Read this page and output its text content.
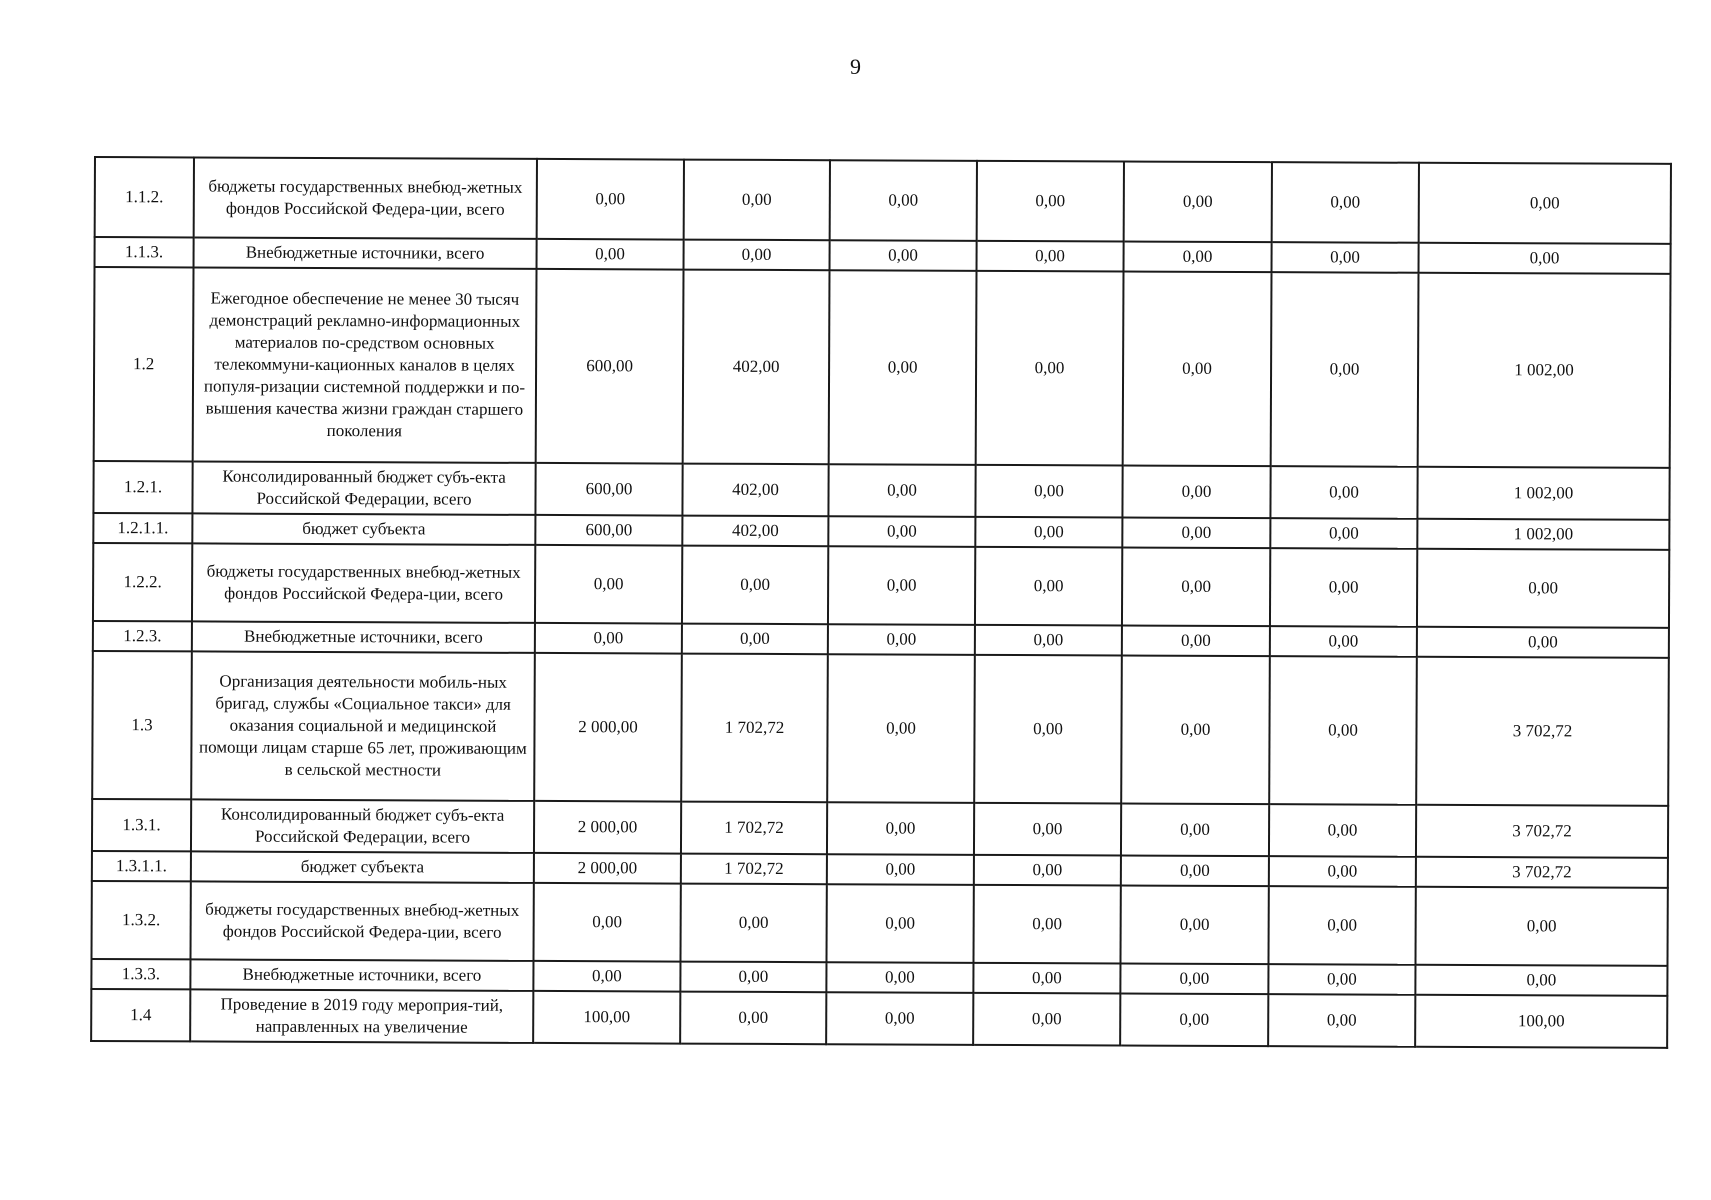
9
1.1.2.	бюджеты государственных внебюд-жетных фондов Российской Федера-ции, всего	0,00	0,00	0,00	0,00	0,00	0,00	0,00
1.1.3.	Внебюджетные источники, всего	0,00	0,00	0,00	0,00	0,00	0,00	0,00
1.2	Ежегодное обеспечение не менее 30 тысяч демонстраций рекламно-информационных материалов по-средством основных телекоммуни-кационных каналов в целях популя-ризации системной поддержки и по-вышения качества жизни граждан старшего поколения	600,00	402,00	0,00	0,00	0,00	0,00	1 002,00
1.2.1.	Консолидированный бюджет субъ-екта Российской Федерации, всего	600,00	402,00	0,00	0,00	0,00	0,00	1 002,00
1.2.1.1.	бюджет субъекта	600,00	402,00	0,00	0,00	0,00	0,00	1 002,00
1.2.2.	бюджеты государственных внебюд-жетных фондов Российской Федера-ции, всего	0,00	0,00	0,00	0,00	0,00	0,00	0,00
1.2.3.	Внебюджетные источники, всего	0,00	0,00	0,00	0,00	0,00	0,00	0,00
1.3	Организация деятельности мобиль-ных бригад, службы «Социальное такси» для оказания социальной и медицинской помощи лицам старше 65 лет, проживающим в сельской местности	2 000,00	1 702,72	0,00	0,00	0,00	0,00	3 702,72
1.3.1.	Консолидированный бюджет субъ-екта Российской Федерации, всего	2 000,00	1 702,72	0,00	0,00	0,00	0,00	3 702,72
1.3.1.1.	бюджет субъекта	2 000,00	1 702,72	0,00	0,00	0,00	0,00	3 702,72
1.3.2.	бюджеты государственных внебюд-жетных фондов Российской Федера-ции, всего	0,00	0,00	0,00	0,00	0,00	0,00	0,00
1.3.3.	Внебюджетные источники, всего	0,00	0,00	0,00	0,00	0,00	0,00	0,00
1.4	Проведение в 2019 году мероприя-тий, направленных на увеличение	100,00	0,00	0,00	0,00	0,00	0,00	100,00
